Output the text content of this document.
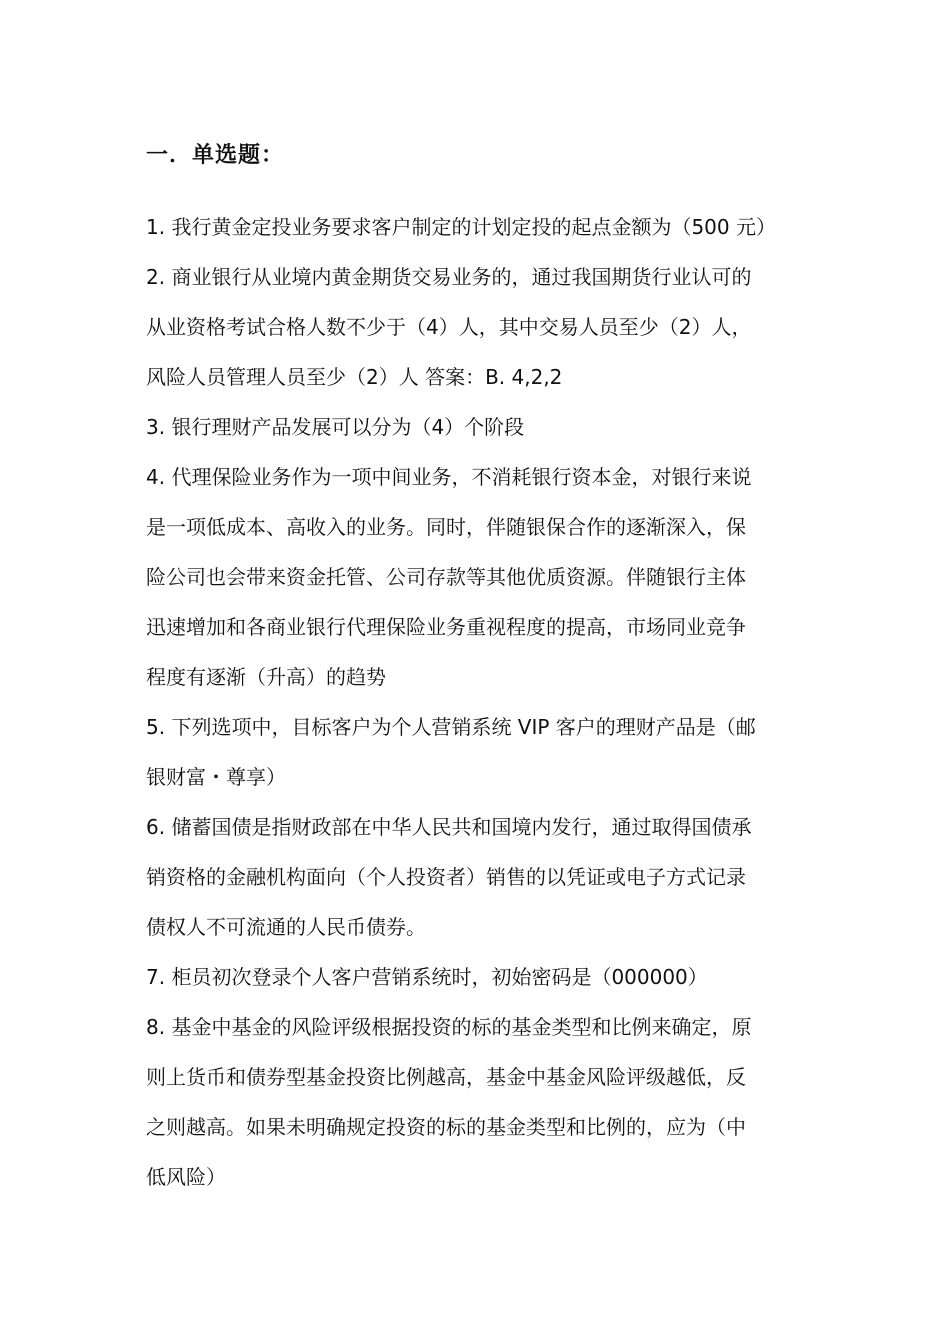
一．单选题：
1. 我行黄金定投业务要求客户制定的计划定投的起点金额为（500 元）
2. 商业银行从业境内黄金期货交易业务的，通过我国期货行业认可的
从业资格考试合格人数不少于（4）人，其中交易人员至少（2）人，
风险人员管理人员至少（2）人 答案：B. 4,2,2
3. 银行理财产品发展可以分为（4）个阶段
4. 代理保险业务作为一项中间业务，不消耗银行资本金，对银行来说
是一项低成本、高收入的业务。同时，伴随银保合作的逐渐深入，保
险公司也会带来资金托管、公司存款等其他优质资源。伴随银行主体
迅速增加和各商业银行代理保险业务重视程度的提高，市场同业竞争
程度有逐渐（升高）的趋势
5. 下列选项中，目标客户为个人营销系统 VIP 客户的理财产品是（邮
银财富・尊享）
6. 储蓄国债是指财政部在中华人民共和国境内发行，通过取得国债承
销资格的金融机构面向（个人投资者）销售的以凭证或电子方式记录
债权人不可流通的人民币债券。
7. 柜员初次登录个人客户营销系统时，初始密码是（000000）
8. 基金中基金的风险评级根据投资的标的基金类型和比例来确定，原
则上货币和债券型基金投资比例越高，基金中基金风险评级越低，反
之则越高。如果未明确规定投资的标的基金类型和比例的，应为（中
低风险）
